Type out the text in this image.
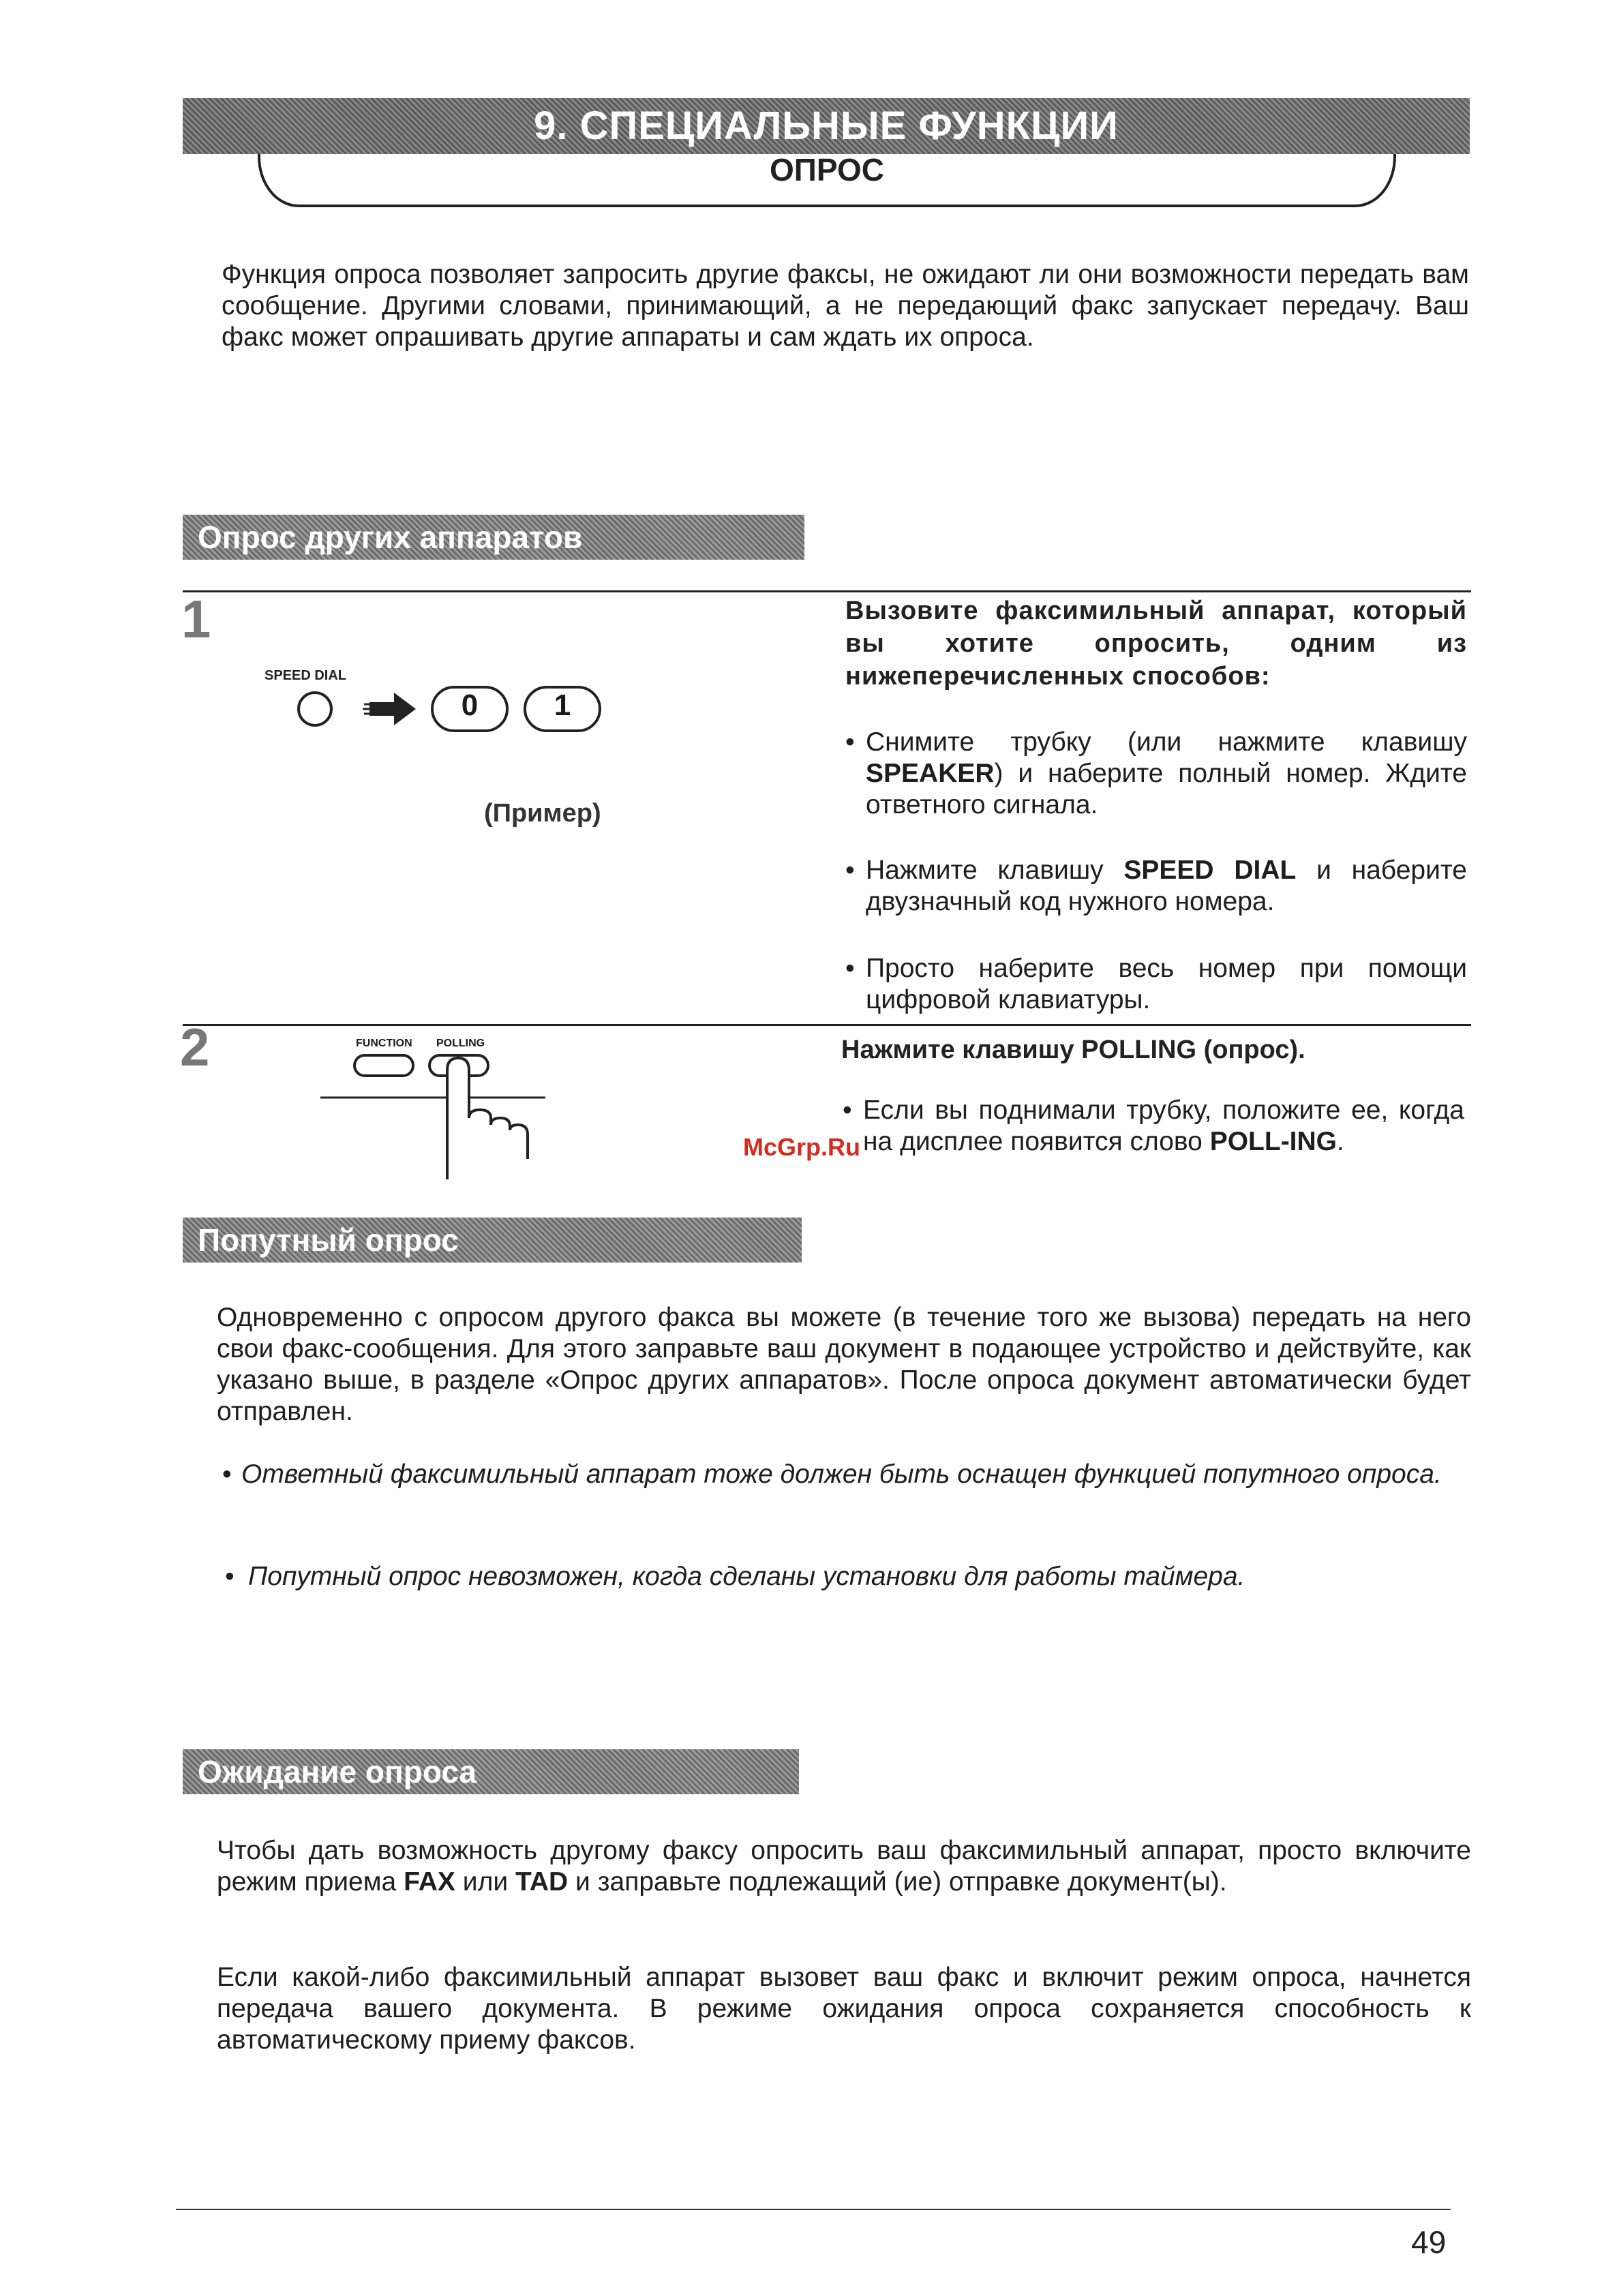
9. СПЕЦИАЛЬНЫЕ ФУНКЦИИ
ОПРОС
Функция опроса позволяет запросить другие факсы, не ожидают ли они возможности передать вам сообщение. Другими словами, принимающий, а не передающий факс запускает передачу. Ваш факс может опрашивать другие аппараты и сам ждать их опроса.
Опрос других аппаратов
1
SPEED DIAL
0	1
(Пример)
Вызовите факсимильный аппарат, который вы хотите опросить, одним из нижеперечисленных способов:
• Снимите трубку (или нажмите клавишу SPEAKER) и наберите полный номер. Ждите ответного сигнала.
• Нажмите клавишу SPEED DIAL и наберите двузначный код нужного номера.
• Просто наберите весь номер при помощи цифровой клавиатуры.
2	FUNCTION POLLING	Нажмите клавишу POLLING (опрос).
• Если вы поднимали трубку, положите ее, когда на дисплее появится слово POLL-ING.
McGrp.Ru
Попутный опрос
Одновременно с опросом другого факса вы можете (в течение того же вызова) передать на него свои факс-сообщения. Для этого заправьте ваш документ в подающее устройство и действуйте, как указано выше, в разделе «Опрос других аппаратов». После опроса документ автоматически будет отправлен.
• Ответный факсимильный аппарат тоже должен быть оснащен функцией попутного опроса.
• Попутный опрос невозможен, когда сделаны установки для работы таймера.
Ожидание опроса
Чтобы дать возможность другому факсу опросить ваш факсимильный аппарат, просто включите режим приема FAX или TAD и заправьте подлежащий (ие) отправке документ(ы).
Если какой-либо факсимильный аппарат вызовет ваш факс и включит режим опроса, начнется передача вашего документа. В режиме ожидания опроса сохраняется способность к автоматическому приему факсов.
49
